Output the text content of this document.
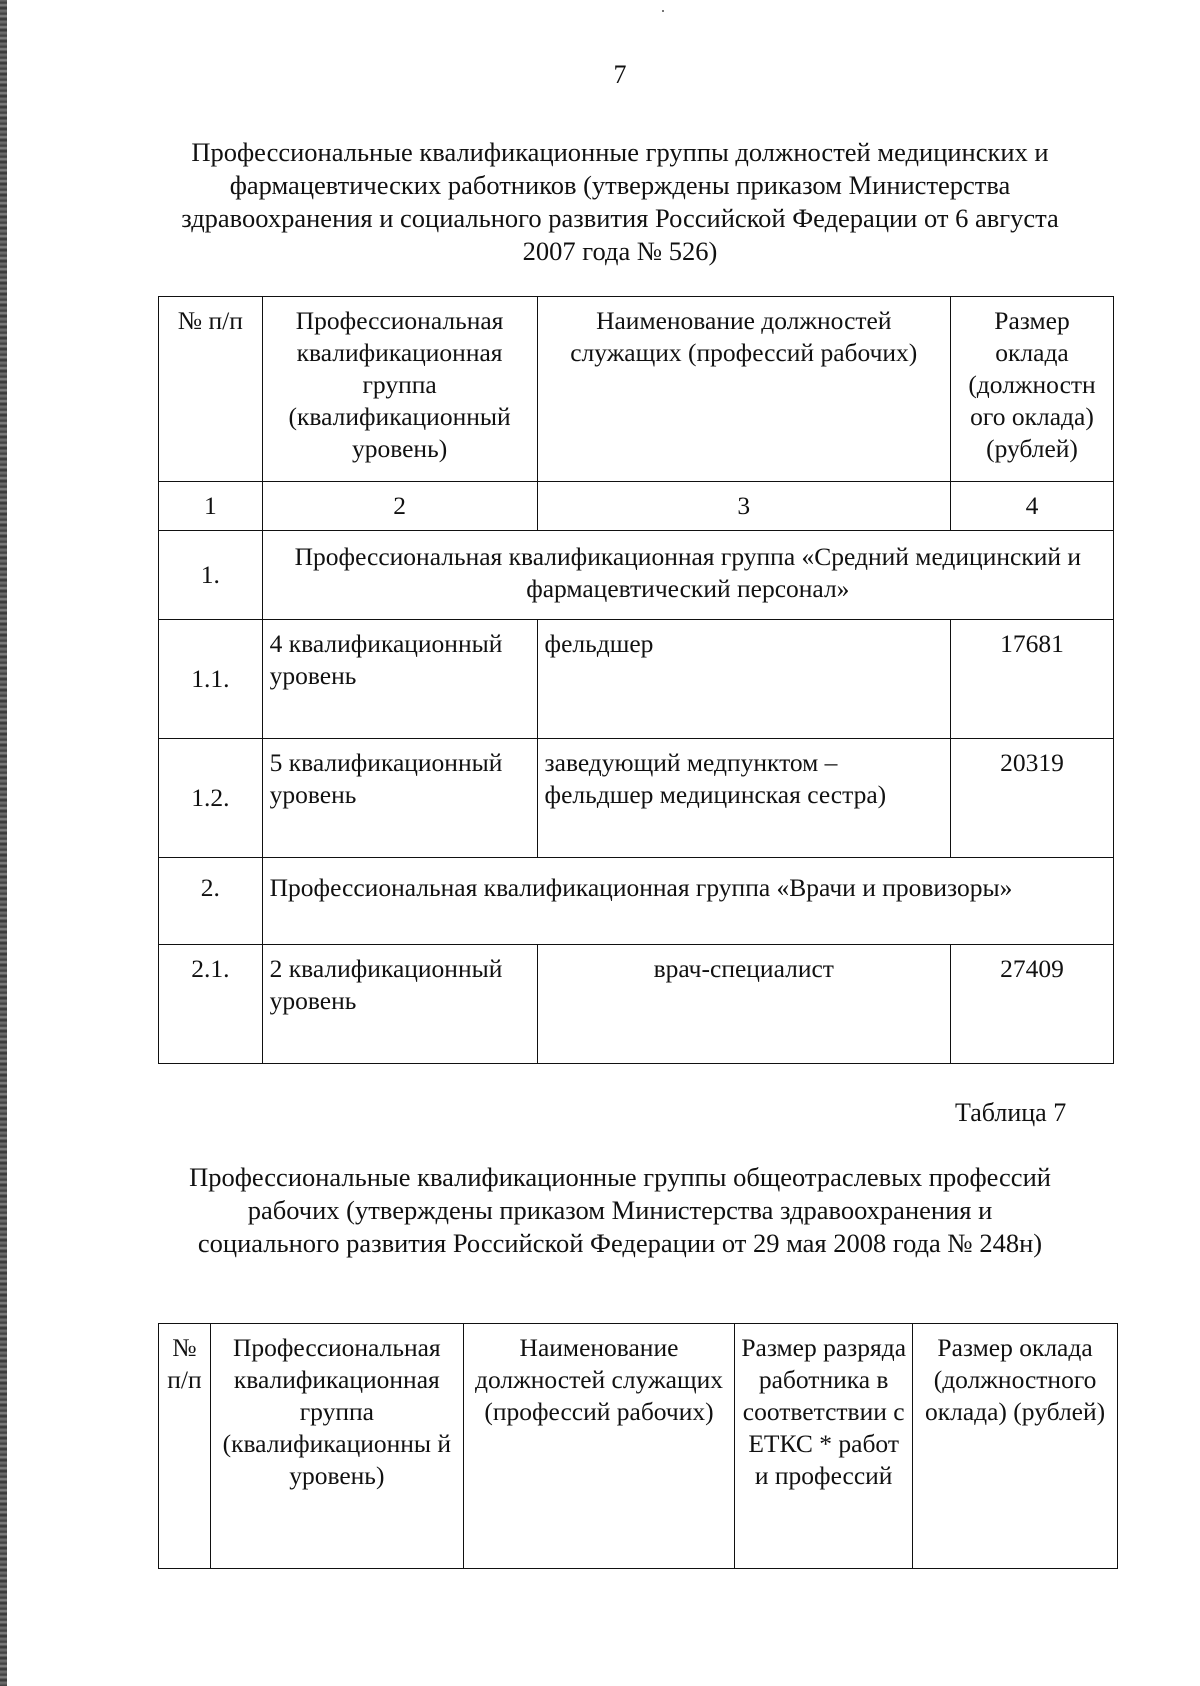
7
Профессиональные квалификационные группы должностей медицинских и фармацевтических работников (утверждены приказом Министерства здравоохранения и социального развития Российской Федерации от 6 августа 2007 года № 526)
№ п/п	Профессиональная квалификационная группа (квалификационный уровень)	Наименование должностей служащих (профессий рабочих)	Размер оклада (должностн ого оклада) (рублей)
1	2	3	4
1.	Профессиональная квалификационная группа «Средний медицинский и фармацевтический персонал»		
1.1.	4 квалификационный уровень	фельдшер	17681
1.2.	5 квалификационный уровень	заведующий медпунктом – фельдшер медицинская сестра)	20319
2.	Профессиональная квалификационная группа «Врачи и провизоры»		
2.1.	2 квалификационный уровень	врач-специалист	27409
Таблица 7
Профессиональные квалификационные группы общеотраслевых профессий рабочих (утверждены приказом Министерства здравоохранения и социального развития Российской Федерации от 29 мая 2008 года № 248н)
№ п/п	Профессиональная квалификационная группа (квалификационны й уровень)	Наименование должностей служащих (профессий рабочих)	Размер разряда работника в соответствии с ЕТКС * работ и профессий	Размер оклада (должностного оклада) (рублей)
